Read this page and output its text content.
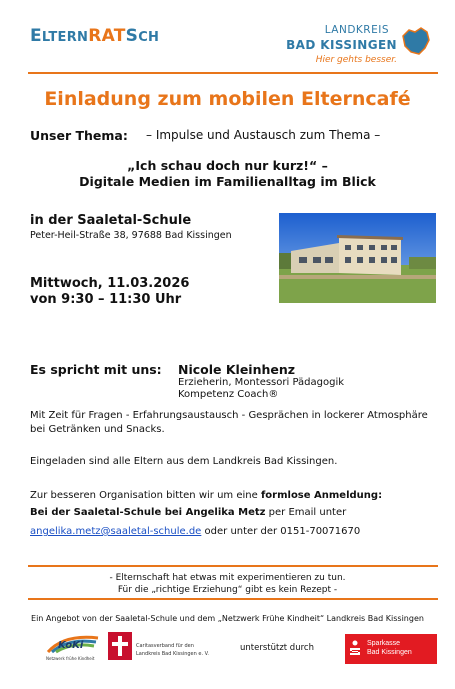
ELTERNRATSCH	LANDKREIS
BAD KISSINGEN
Hier gehts besser.
Einladung zum mobilen Elterncafé
Unser Thema: – Impulse und Austausch zum Thema –
„Ich schau doch nur kurz!“ –
Digitale Medien im Familienalltag im Blick
in der Saaletal-Schule
Peter-Heil-Straße 38, 97688 Bad Kissingen
Mittwoch, 11.03.2026
von 9:30 – 11:30 Uhr
Es spricht mit uns: Nicole Kleinhenz
Erzieherin, Montessori Pädagogik
Kompetenz Coach®
Mit Zeit für Fragen - Erfahrungsaustausch - Gesprächen in lockerer Atmosphäre
bei Getränken und Snacks.
Eingeladen sind alle Eltern aus dem Landkreis Bad Kissingen.
Zur besseren Organisation bitten wir um eine formlose Anmeldung:
Bei der Saaletal-Schule bei Angelika Metz per Email unter
angelika.metz@saaletal-schule.de oder unter der 0151-70071670
- Elternschaft hat etwas mit experimentieren zu tun.
Für die „richtige Erziehung“ gibt es kein Rezept -
Ein Angebot von der Saaletal-Schule und dem „Netzwerk Frühe Kindheit“ Landkreis Bad Kissingen
KoKi
Netzwerk frühe Kindheit
Caritasverband für den
Landkreis Bad Kissingen e. V.
unterstützt durch	Sparkasse
Bad Kissingen
